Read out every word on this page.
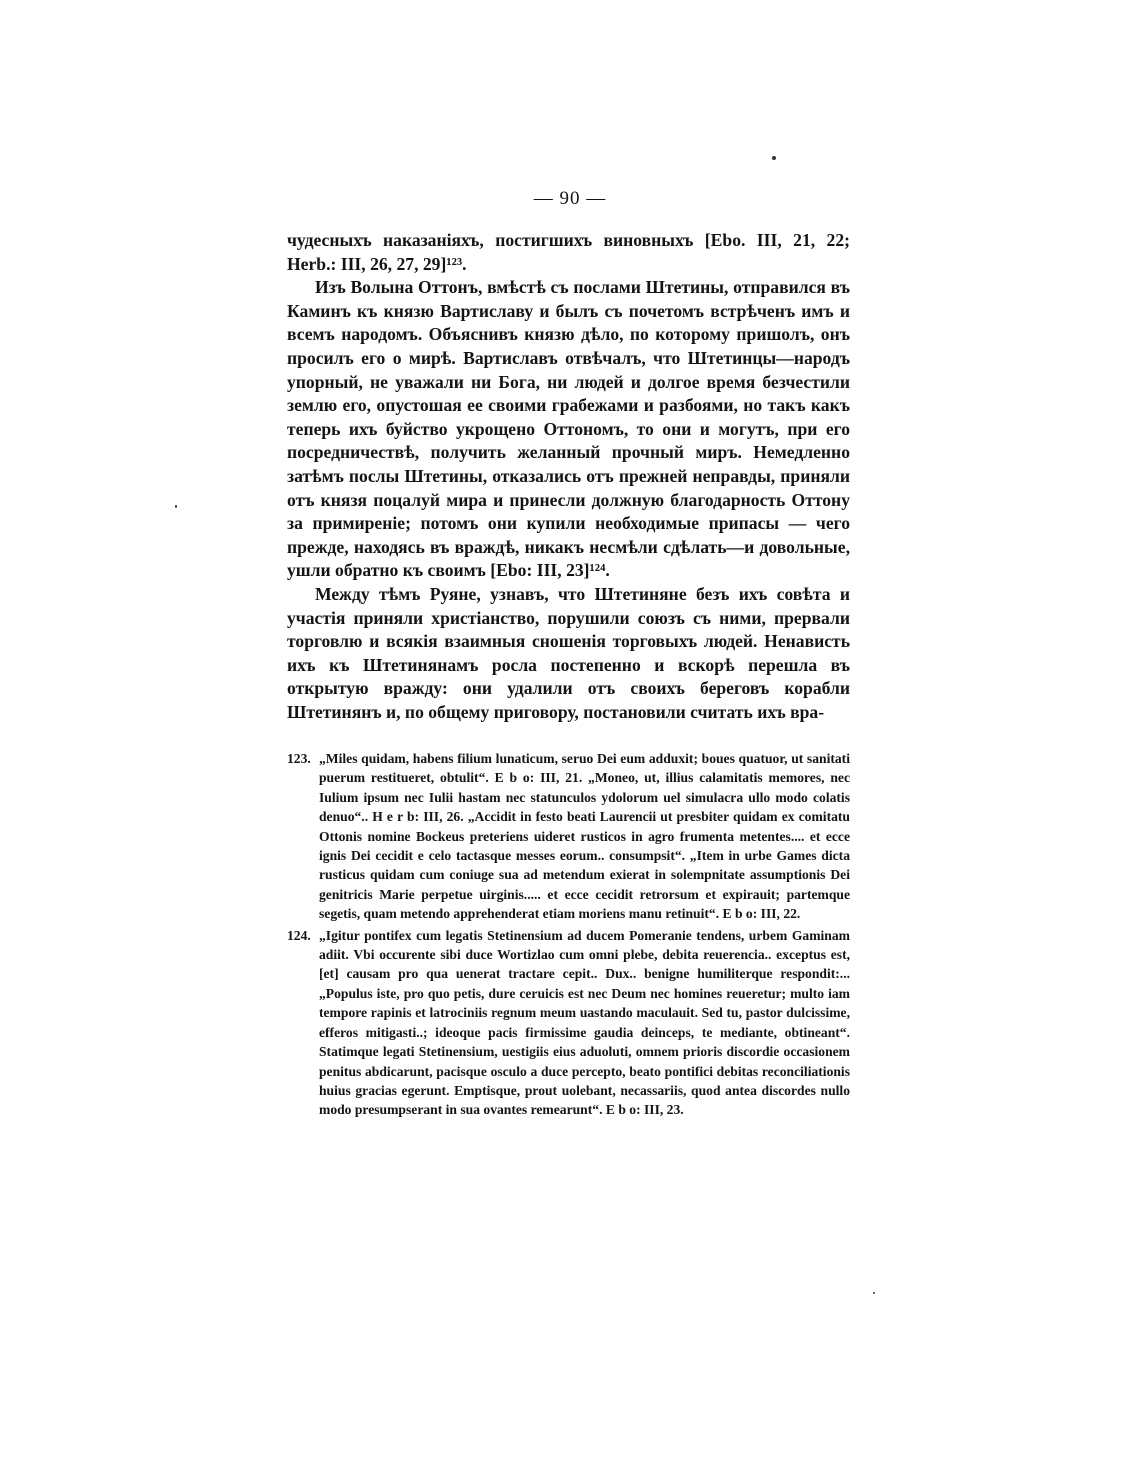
— 90 —

чудесныхъ наказаніяхъ, постигшихъ виновныхъ [Ebo. III, 21, 22; Herb.: III, 26, 27, 29]¹²³.

Изъ Волына Оттонъ, вмѣстѣ съ послами Штетины, отправился въ Каминъ къ князю Вартиславу и былъ съ почетомъ встрѣченъ имъ и всемъ народомъ. Объяснивъ князю дѣло, по которому пришолъ, онъ просилъ его о мирѣ. Вартиславъ отвѣчалъ, что Штетинцы—народъ упорный, не уважали ни Бога, ни людей и долгое время безчестили землю его, опустошая ее своими грабежами и разбоями, но такъ какъ теперь ихъ буйство укрощено Оттономъ, то они и могутъ, при его посредничествѣ, получить желанный прочный миръ. Немедленно затѣмъ послы Штетины, отказались отъ прежней неправды, приняли отъ князя поцалуй мира и принесли должную благодарность Оттону за примиреніе; потомъ они купили необходимые припасы — чего прежде, находясь въ враждѣ, никакъ несмѣли сдѣлать—и довольные, ушли обратно къ своимъ [Ebo: III, 23]¹²⁴.

Между тѣмъ Руяне, узнавъ, что Штетиняне безъ ихъ совѣта и участія приняли христіанство, порушили союзъ съ ними, прервали торговлю и всякія взаимныя сношенія торговыхъ людей. Ненависть ихъ къ Штетинянамъ росла постепенно и вскорѣ перешла въ открытую вражду: они удалили отъ своихъ береговъ корабли Штетинянъ и, по общему приговору, постановили считать ихъ вра-

123. „Miles quidam, habens filium lunaticum, seruo Dei eum adduxit; boues quatuor, ut sanitati puerum restitueret, obtulit“. E b o: III, 21. „Moneo, ut, illius calamitatis memores, nec Iulium ipsum nec Iulii hastam nec statunculos ydolorum uel simulacra ullo modo colatis denuo“.. H e r b: III, 26. „Accidit in festo beati Laurencii ut presbiter quidam ex comitatu Ottonis nomine Bockeus preteriens uideret rusticos in agro frumenta metentes.... et ecce ignis Dei cecidit e celo tactasque messes eorum.. consumpsit“. „Item in urbe Games dicta rusticus quidam cum coniuge sua ad metendum exierat in solempnitate assumptionis Dei genitricis Marie perpetue uirginis..... et ecce cecidit retrorsum et expirauit; partemque segetis, quam metendo apprehenderat etiam moriens manu retinuit“. E b o: III, 22.
124. „Igitur pontifex cum legatis Stetinensium ad ducem Pomeranie tendens, urbem Gaminam adiit. Vbi occurente sibi duce Wortizlao cum omni plebe, debita reuerencia.. exceptus est, [et] causam pro qua uenerat tractare cepit.. Dux.. benigne humiliterque respondit:... „Populus iste, pro quo petis, dure ceruicis est nec Deum nec homines reueretur; multo iam tempore rapinis et latrociniis regnum meum uastando maculauit. Sed tu, pastor dulcissime, efferos mitigasti..; ideoque pacis firmissime gaudia deinceps, te mediante, obtineant“. Statimque legati Stetinensium, uestigiis eius aduoluti, omnem prioris discordie occasionem penitus abdicarunt, pacisque osculo a duce percepto, beato pontifici debitas reconciliationis huius gracias egerunt. Emptisque, prout uolebant, necassariis, quod antea discordes nullo modo presumpserant in sua ovantes remearunt“. E b o: III, 23.
